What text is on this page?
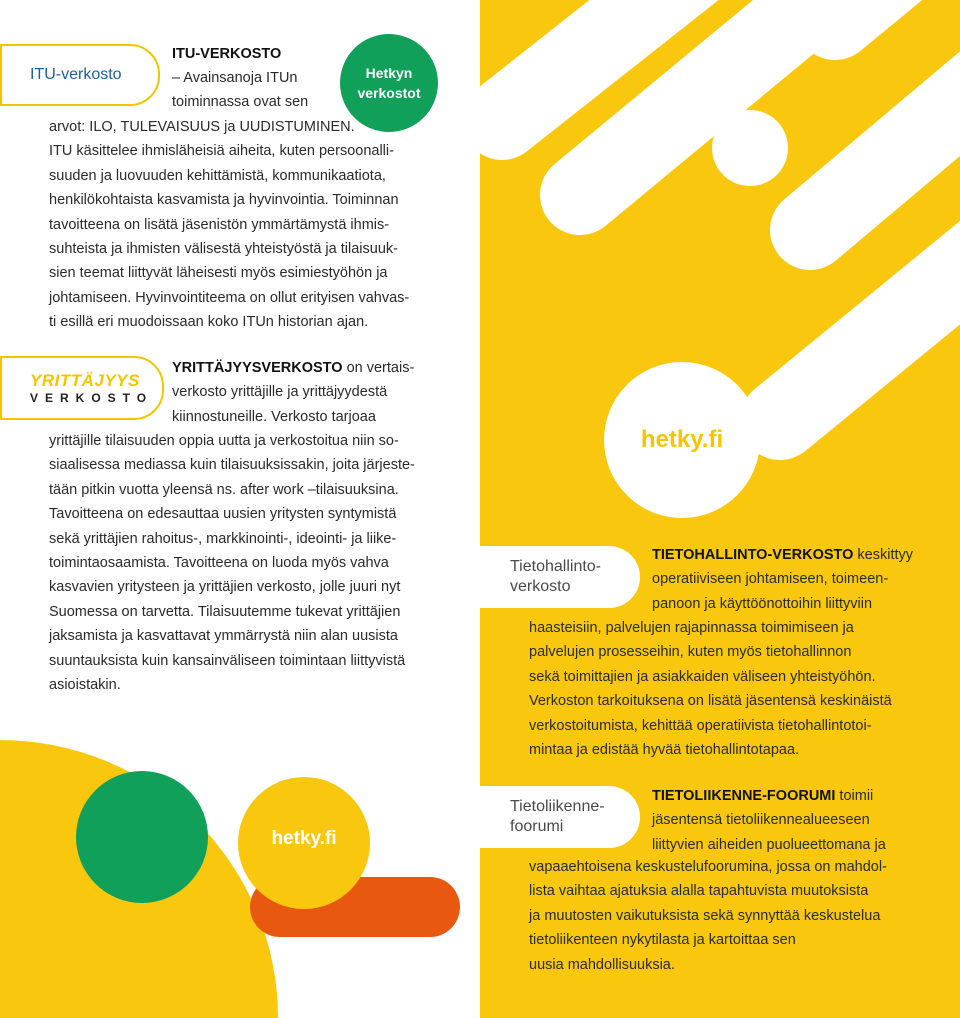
hetky.fi
hetky.fi
ITU-verkosto	Hetkyn verkostot

ITU-VERKOSTO

– Avainsanoja ITUn

toiminnassa ovat sen

arvot: ILO, TULEVAISUUS ja UUDISTUMINEN.

ITU käsittelee ihmisläheisiä aiheita, kuten persoonalli-

suuden ja luovuuden kehittämistä, kommunikaatiota,

henkilökohtaista kasvamista ja hyvinvointia. Toiminnan

tavoitteena on lisätä jäsenistön ymmärtämystä ihmis-

suhteista ja ihmisten välisestä yhteistyöstä ja tilaisuuk-

sien teemat liittyvät läheisesti myös esimiestyöhön ja

johtamiseen. Hyvinvointiteema on ollut erityisen vahvas-

ti esillä eri muodoissaan koko ITUn historian ajan.

YRITTÄJYYS
VERKOSTO

YRITTÄJYYSVERKOSTO on vertais-

verkosto yrittäjille ja yrittäjyydestä

kiinnostuneille. Verkosto tarjoaa

yrittäjille tilaisuuden oppia uutta ja verkostoitua niin so-

siaalisessa mediassa kuin tilaisuuksissakin, joita järjeste-

tään pitkin vuotta yleensä ns. after work –tilaisuuksina.

Tavoitteena on edesauttaa uusien yritysten syntymistä

sekä yrittäjien rahoitus-, markkinointi-, ideointi- ja liike-

toimintaosaamista. Tavoitteena on luoda myös vahva

kasvavien yritysteen ja yrittäjien verkosto, jolle juuri nyt

Suomessa on tarvetta. Tilaisuutemme tukevat yrittäjien

jaksamista ja kasvattavat ymmärrystä niin alan uusista

suuntauksista kuin kansainväliseen toimintaan liittyvistä

asioistakin.

Tietohallinto-
verkosto

TIETOHALLINTO-VERKOSTO keskittyy

operatiiviseen johtamiseen, toimeen-

panoon ja käyttöönottoihin liittyviin

haasteisiin, palvelujen rajapinnassa toimimiseen ja

palvelujen prosesseihin, kuten myös tietohallinnon

sekä toimittajien ja asiakkaiden väliseen yhteistyöhön.

Verkoston tarkoituksena on lisätä jäsentensä keskinäistä

verkostoitumista, kehittää operatiivista tietohallintotoi-

mintaa ja edistää hyvää tietohallintotapaa.

Tietoliikenne-
foorumi

TIETOLIIKENNE-FOORUMI toimii

jäsentensä tietoliikennealueeseen

liittyvien aiheiden puolueettomana ja

vapaaehtoisena keskustelufoorumina, jossa on mahdol-

lista vaihtaa ajatuksia alalla tapahtuvista muutoksista

ja muutosten vaikutuksista sekä synnyttää keskustelua

tietoliikenteen nykytilasta ja kartoittaa sen

uusia mahdollisuuksia.
